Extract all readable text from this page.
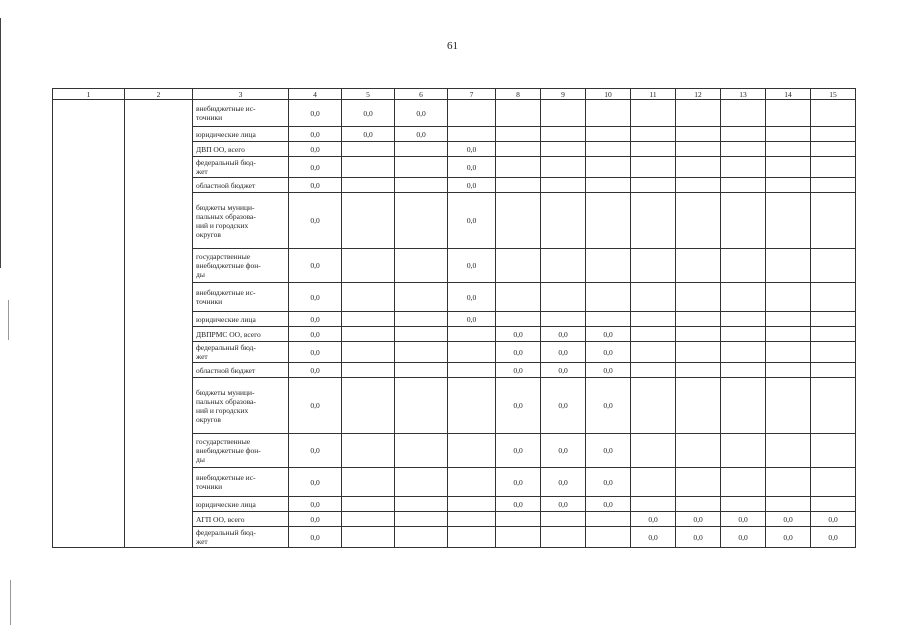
61
1	2	3	4	5	6	7	8	9	10	11	12	13	14	15
		внебюджетные ис-
точники	0,0	0,0	0,0									
		юридические лица	0,0	0,0	0,0									
		ДВП ОО, всего	0,0			0,0								
		федеральный бюд-
жет	0,0			0,0								
		областной бюджет	0,0			0,0								
		бюджеты муници-
пальных образова-
ний и городских
округов	0,0			0,0								
		государственные
внебюджетные фон-
ды	0,0			0,0								
		внебюджетные ис-
точники	0,0			0,0								
		юридические лица	0,0			0,0								
		ДВПРМС ОО, всего	0,0				0,0	0,0	0,0					
		федеральный бюд-
жет	0,0				0,0	0,0	0,0					
		областной бюджет	0,0				0,0	0,0	0,0					
		бюджеты муници-
пальных образова-
ний и городских
округов	0,0				0,0	0,0	0,0					
		государственные
внебюджетные фон-
ды	0,0				0,0	0,0	0,0					
		внебюджетные ис-
точники	0,0				0,0	0,0	0,0					
		юридические лица	0,0				0,0	0,0	0,0					
		АГП ОО, всего	0,0							0,0	0,0	0,0	0,0	0,0
		федеральный бюд-
жет	0,0							0,0	0,0	0,0	0,0	0,0
